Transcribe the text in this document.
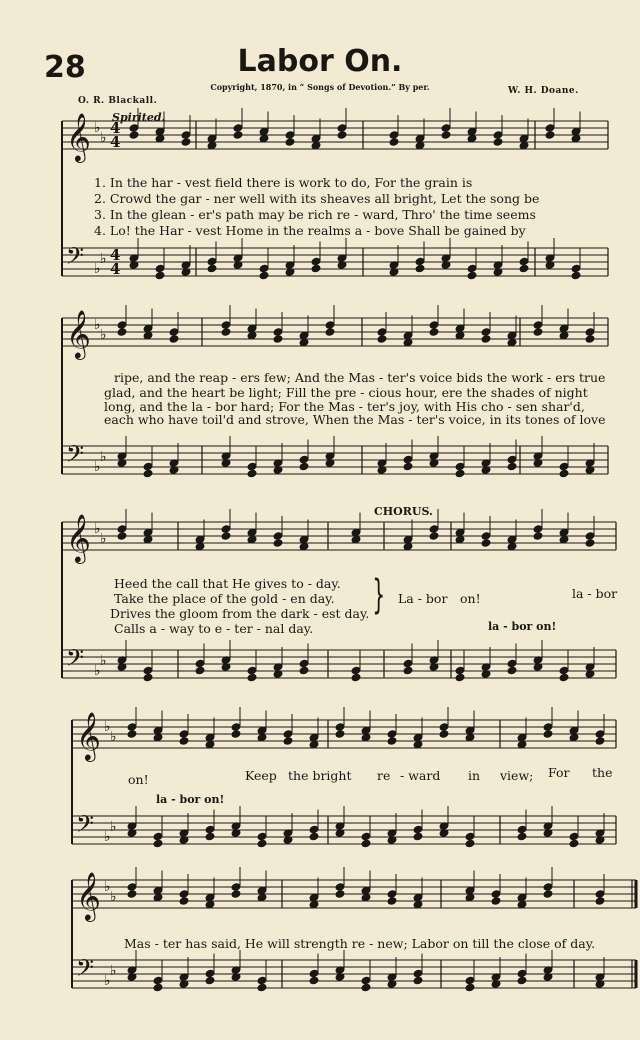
28	Labor On.
Copyright, 1870, in “ Songs of Devotion.” By per.
O. R. Blackall.
W. H. Doane.
Spirited.
𝄞
𝄢
♭
♭
♭
♭
4
4
4
4
𝄞
𝄢
♭
♭
♭
♭
𝄞
𝄢
♭
♭
♭
♭
𝄞
𝄢
♭
♭
♭
♭
𝄞
𝄢
♭
♭
♭
♭
1. In the har - vest field there is work to do, For the grain is
2. Crowd the gar - ner well with its sheaves all bright, Let the song be
3. In the glean - er's path may be rich re - ward, Thro' the time seems
4. Lo! the Har - vest Home in the realms a - bove Shall be gained by
ripe, and the reap - ers few; And the Mas - ter's voice bids the work - ers true
glad, and the heart be light; Fill the pre - cious hour, ere the shades of night
long, and the la - bor hard; For the Mas - ter's joy, with His cho - sen shar'd,
each who have toil'd and strove, When the Mas - ter's voice, in its tones of love
CHORUS.
Heed the call that He gives to - day.
Take the place of the gold - en day.
Drives the gloom from the dark - est day.
Calls a - way to e - ter - nal day.
} La - bor on!	la - bor
la - bor on!
on!	Keep the bright re - ward in view; For the
la - bor on!
Mas - ter has said, He will strength re - new; Labor on till the close of day.
